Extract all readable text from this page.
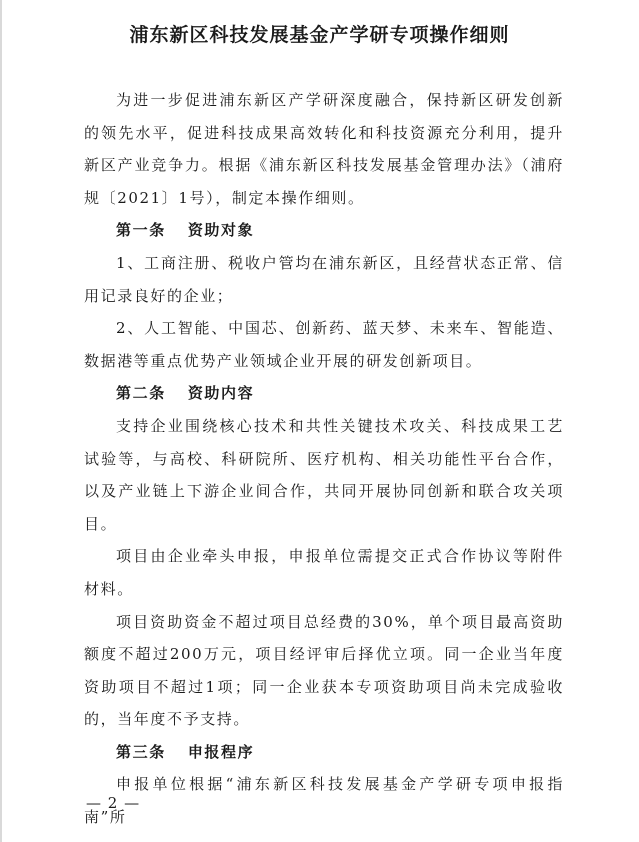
浦东新区科技发展基金产学研专项操作细则

为进一步促进浦东新区产学研深度融合，保持新区研发创新的领先水平，促进科技成果高效转化和科技资源充分利用，提升新区产业竞争力。根据《浦东新区科技发展基金管理办法》（浦府规〔2021〕1号），制定本操作细则。

第一条 资助对象

1、工商注册、税收户管均在浦东新区，且经营状态正常、信用记录良好的企业；

2、人工智能、中国芯、创新药、蓝天梦、未来车、智能造、数据港等重点优势产业领域企业开展的研发创新项目。

第二条 资助内容

支持企业围绕核心技术和共性关键技术攻关、科技成果工艺试验等，与高校、科研院所、医疗机构、相关功能性平台合作，以及产业链上下游企业间合作，共同开展协同创新和联合攻关项目。

项目由企业牵头申报，申报单位需提交正式合作协议等附件材料。

项目资助资金不超过项目总经费的30%，单个项目最高资助额度不超过200万元，项目经评审后择优立项。同一企业当年度资助项目不超过1项；同一企业获本专项资助项目尚未完成验收的，当年度不予支持。

第三条 申报程序

申报单位根据“浦东新区科技发展基金产学研专项申报指南”所

— 2 —
